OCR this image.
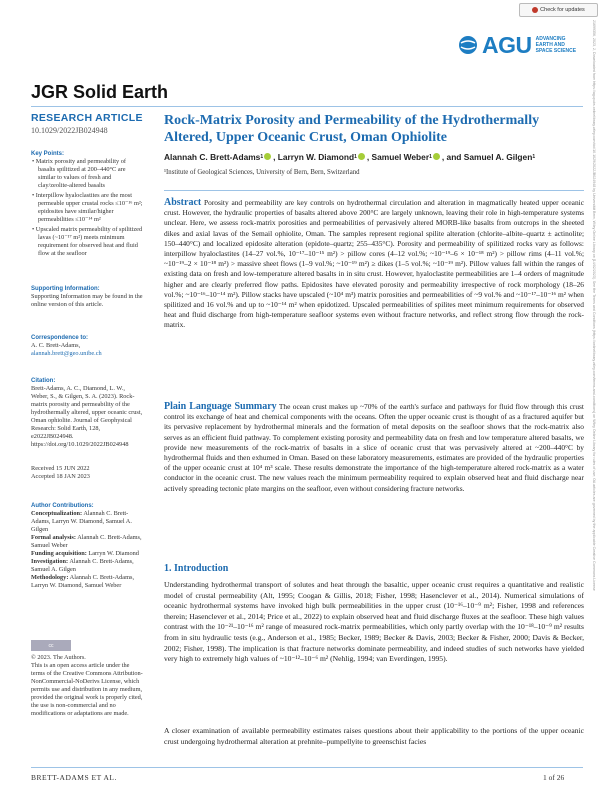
Check for updates
21699356, 2023, 2, Downloaded from https://agupubs.onlinelibrary.wiley.com/doi/10.1029/2022JB024948 by Universität Bern, Wiley Online Library on [14/02/2023]. See the Terms and Conditions (https://onlinelibrary.wiley.com/terms-and-conditions) on Wiley Online Library for rules of use; OA articles are governed by the applicable Creative Commons License
AGU ADVANCING
EARTH AND
SPACE SCIENCE
JGR Solid Earth
RESEARCH ARTICLE
10.1029/2022JB024948
Key Points:
• Matrix porosity and permeability of basalts spilitized at 200–440°C are similar to values of fresh and clay/zeolite-altered basalts
• Interpillow hyaloclastites are the most permeable upper crustal rocks ≤10⁻¹⁶ m²; epidosites have similar/higher permeabilities ≤10⁻¹⁴ m²
• Upscaled matrix permeability of spilitized lavas (~10⁻¹⁷ m²) meets minimum requirement for observed heat and fluid flow at the seafloor
Supporting Information:
Supporting Information may be found in the online version of this article.
Correspondence to:
A. C. Brett-Adams,
alannah.brett@geo.unibe.ch
Citation:
Brett-Adams, A. C., Diamond, L. W., Weber, S., & Gilgen, S. A. (2023). Rock-matrix porosity and permeability of the hydrothermally altered, upper oceanic crust, Oman ophiolite. Journal of Geophysical Research: Solid Earth, 128, e2022JB024948. https://doi.org/10.1029/2022JB024948
Received 15 JUN 2022
Accepted 18 JAN 2023
Author Contributions:
Conceptualization: Alannah C. Brett-Adams, Larryn W. Diamond, Samuel A. Gilgen
Formal analysis: Alannah C. Brett-Adams, Samuel Weber
Funding acquisition: Larryn W. Diamond
Investigation: Alannah C. Brett-Adams, Samuel A. Gilgen
Methodology: Alannah C. Brett-Adams, Larryn W. Diamond, Samuel Weber
© 2023. The Authors.
This is an open access article under the terms of the Creative Commons Attribution-NonCommercial-NoDerivs License, which permits use and distribution in any medium, provided the original work is properly cited, the use is non-commercial and no modifications or adaptations are made.
Rock-Matrix Porosity and Permeability of the Hydrothermally Altered, Upper Oceanic Crust, Oman Ophiolite
Alannah C. Brett-Adams 1 , Larryn W. Diamond 1 , Samuel Weber 1 , and Samuel A. Gilgen 1
¹Institute of Geological Sciences, University of Bern, Bern, Switzerland
Abstract Porosity and permeability are key controls on hydrothermal circulation and alteration in magmatically heated upper oceanic crust. However, the hydraulic properties of basalts altered above 200°C are largely unknown, leaving their role in high-temperature systems unclear. Here, we assess rock-matrix porosities and permeabilities of pervasively altered MORB-like basalts from outcrops in the sheeted dikes and axial lavas of the Semail ophiolite, Oman. The samples represent regional spilite alteration (chlorite–albite–quartz ± actinolite; 150–440°C) and localized epidosite alteration (epidote–quartz; 255–435°C). Porosity and permeability of spilitized rocks vary as follows: interpillow hyaloclastites (14–27 vol.%, 10⁻¹⁷–10⁻¹⁵ m²) > pillow cores (4–12 vol.%; ~10⁻¹⁹–6 × 10⁻¹⁸ m²) > pillow rims (4–11 vol.%; ~10⁻¹⁹–2 × 10⁻¹⁸ m²) > massive sheet flows (1–9 vol.%; ~10⁻¹⁹ m²) ≥ dikes (1–5 vol.%; ~10⁻¹⁹ m²). Pillow values fall within the ranges of existing data on fresh and low-temperature altered basalts in in situ crust. However, hyaloclastite permeabilities are 1–4 orders of magnitude higher and are clearly preferred flow paths. Epidosites have elevated porosity and permeability irrespective of rock morphology (18–26 vol.%; ~10⁻¹⁶–10⁻¹⁴ m²). Pillow stacks have upscaled (~10⁴ m³) matrix porosities and permeabilities of ~9 vol.% and ~10⁻¹⁷–10⁻¹⁶ m² when spilitized and 16 vol.% and up to ~10⁻¹⁴ m² when epidotized. Upscaled permeabilities of spilites meet minimum requirements for observed heat and fluid discharge from high-temperature seafloor systems even without fracture networks, and reflect strong flow through the rock-matrix.
Plain Language Summary The ocean crust makes up ~70% of the earth's surface and pathways for fluid flow through this crust control its exchange of heat and chemical components with the oceans. Often the upper oceanic crust is thought of as a fractured aquifer but its pervasive replacement by hydrothermal minerals and the formation of metal deposits on the seafloor shows that the rock-matrix also serves as an efficient fluid pathway. To complement existing porosity and permeability data on fresh and low temperature altered basalts, we provide new measurements of the rock-matrix of basalts in a slice of oceanic crust that was pervasively altered at ~200–440°C by hydrothermal fluids and then exhumed in Oman. Based on these laboratory measurements, estimates are provided of the hydraulic properties of the upper oceanic crust at 10⁴ m³ scale. These results demonstrate the importance of the high-temperature altered rock-matrix as a water conductor in the oceanic crust. The new values reach the minimum permeability required to explain observed heat and fluid discharge near actively spreading tectonic plate margins on the seafloor, even without considering fracture networks.
1. Introduction
Understanding hydrothermal transport of solutes and heat through the basaltic, upper oceanic crust requires a quantitative and realistic model of crustal permeability (Alt, 1995; Coogan & Gillis, 2018; Fisher, 1998; Hasenclever et al., 2014). Numerical simulations of oceanic hydrothermal systems have invoked high bulk permeabilities in the upper crust (10⁻¹⁶–10⁻⁹ m²; Fisher, 1998 and references therein; Hasenclever et al., 2014; Price et al., 2022) to explain observed heat and fluid discharge fluxes at the seafloor. These high values contrast with the 10⁻²¹–10⁻¹⁶ m² range of measured rock-matrix permeabilities, which only partly overlap with the 10⁻¹⁸–10⁻⁹ m² results from in situ hydraulic tests (e.g., Anderson et al., 1985; Becker, 1989; Becker & Davis, 2003; Becker & Fisher, 2000; Davis & Becker, 2002; Fisher, 1998). The implication is that fracture networks dominate permeability, and indeed studies of such networks have yielded very high to extremely high values of ~10⁻¹²–10⁻⁶ m² (Nehlig, 1994; van Everdingen, 1995).
A closer examination of available permeability estimates raises questions about their applicability to the portions of the upper oceanic crust undergoing hydrothermal alteration at prehnite–pumpellyite to greenschist facies
cc
BRETT-ADAMS ET AL.	1 of 26
